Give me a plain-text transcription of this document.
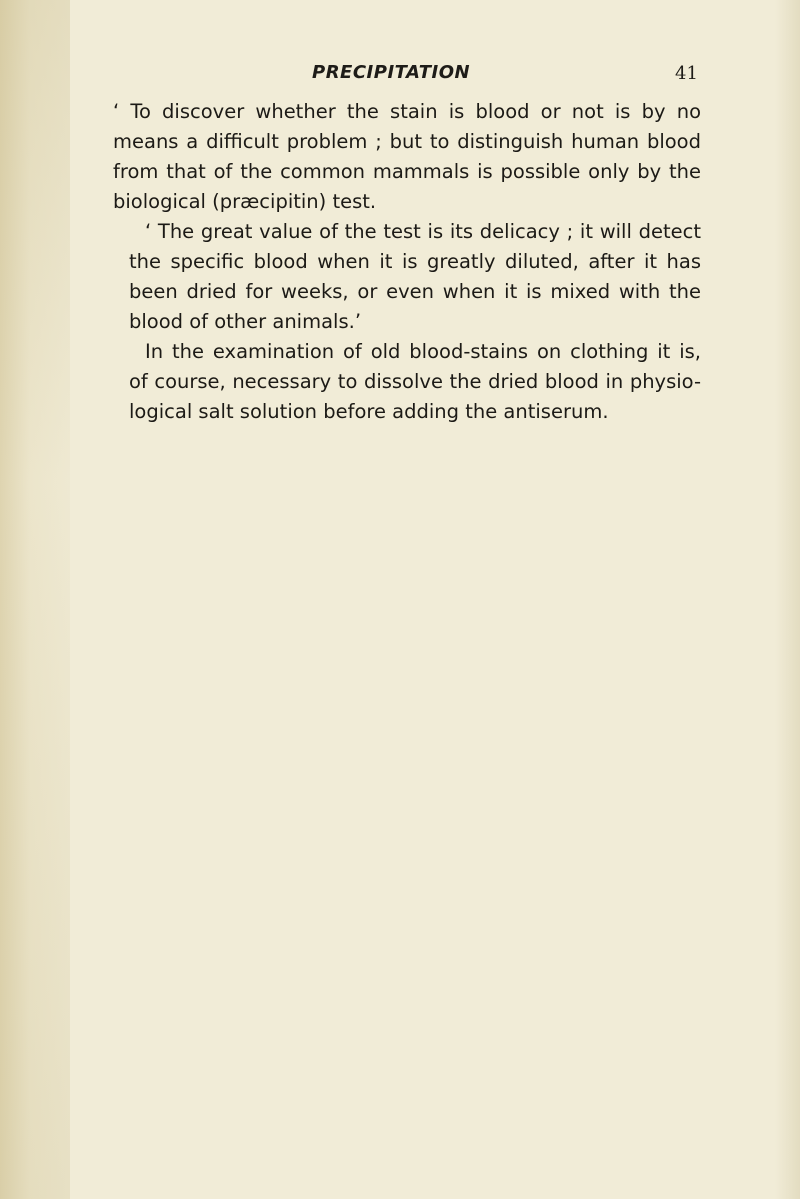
PRECIPITATION	41

‘ To discover whether the stain is blood or not is by no
means a difficult problem ; but to distinguish human blood
from that of the common mammals is possible only by the
biological (præcipitin) test.

‘ The great value of the test is its delicacy ; it will detect
the specific blood when it is greatly diluted, after it has
been dried for weeks, or even when it is mixed with the
blood of other animals.’

In the examination of old blood-stains on clothing it is,
of course, necessary to dissolve the dried blood in physio-
logical salt solution before adding the antiserum.
